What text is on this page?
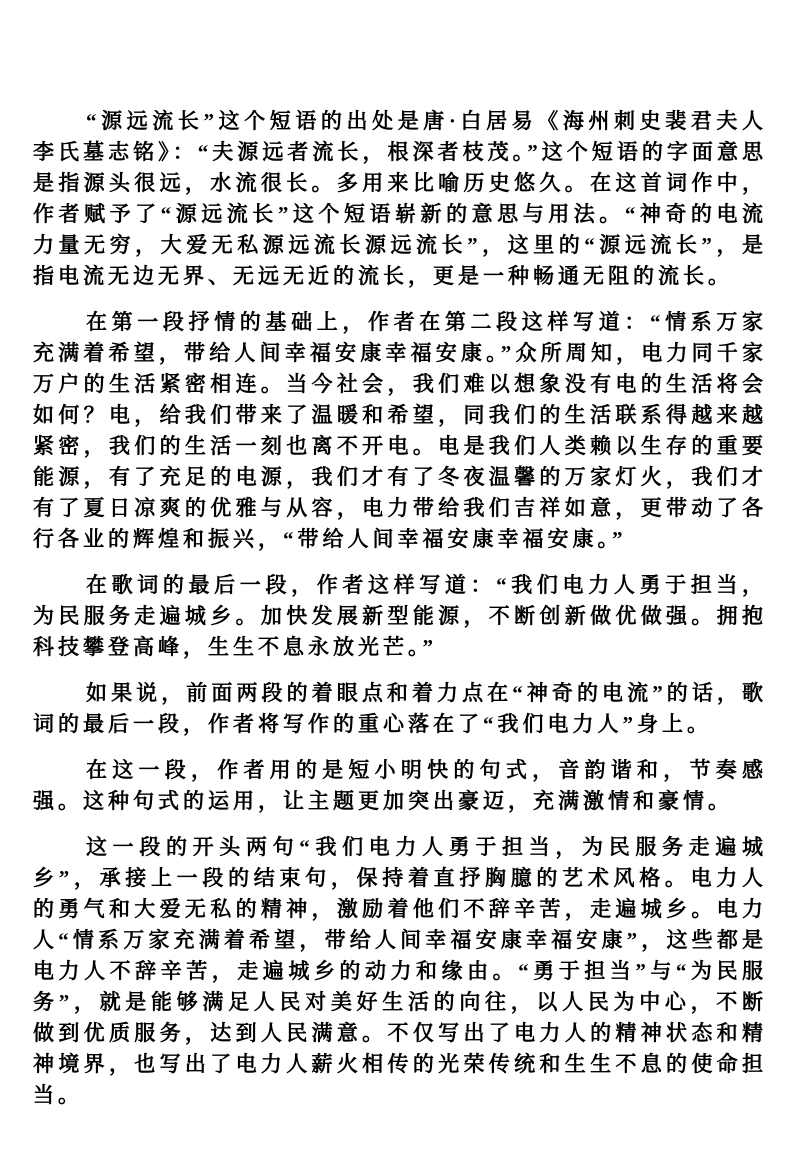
“源远流长”这个短语的出处是唐·白居易《海州刺史裴君夫人李氏墓志铭》：“夫源远者流长，根深者枝茂。”这个短语的字面意思是指源头很远，水流很长。多用来比喻历史悠久。在这首词作中，作者赋予了“源远流长”这个短语崭新的意思与用法。“神奇的电流力量无穷，大爱无私源远流长源远流长”，这里的“源远流长”，是指电流无边无界、无远无近的流长，更是一种畅通无阻的流长。

在第一段抒情的基础上，作者在第二段这样写道：“情系万家充满着希望，带给人间幸福安康幸福安康。”众所周知，电力同千家万户的生活紧密相连。当今社会，我们难以想象没有电的生活将会如何？电，给我们带来了温暖和希望，同我们的生活联系得越来越紧密，我们的生活一刻也离不开电。电是我们人类赖以生存的重要能源，有了充足的电源，我们才有了冬夜温馨的万家灯火，我们才有了夏日凉爽的优雅与从容，电力带给我们吉祥如意，更带动了各行各业的辉煌和振兴，“带给人间幸福安康幸福安康。”

在歌词的最后一段，作者这样写道：“我们电力人勇于担当，为民服务走遍城乡。加快发展新型能源，不断创新做优做强。拥抱科技攀登高峰，生生不息永放光芒。”

如果说，前面两段的着眼点和着力点在“神奇的电流”的话，歌词的最后一段，作者将写作的重心落在了“我们电力人”身上。

在这一段，作者用的是短小明快的句式，音韵谐和，节奏感强。这种句式的运用，让主题更加突出豪迈，充满激情和豪情。

这一段的开头两句“我们电力人勇于担当，为民服务走遍城乡”，承接上一段的结束句，保持着直抒胸臆的艺术风格。电力人的勇气和大爱无私的精神，激励着他们不辞辛苦，走遍城乡。电力人“情系万家充满着希望，带给人间幸福安康幸福安康”，这些都是电力人不辞辛苦，走遍城乡的动力和缘由。“勇于担当”与“为民服务”，就是能够满足人民对美好生活的向往，以人民为中心，不断做到优质服务，达到人民满意。不仅写出了电力人的精神状态和精神境界，也写出了电力人薪火相传的光荣传统和生生不息的使命担当。
